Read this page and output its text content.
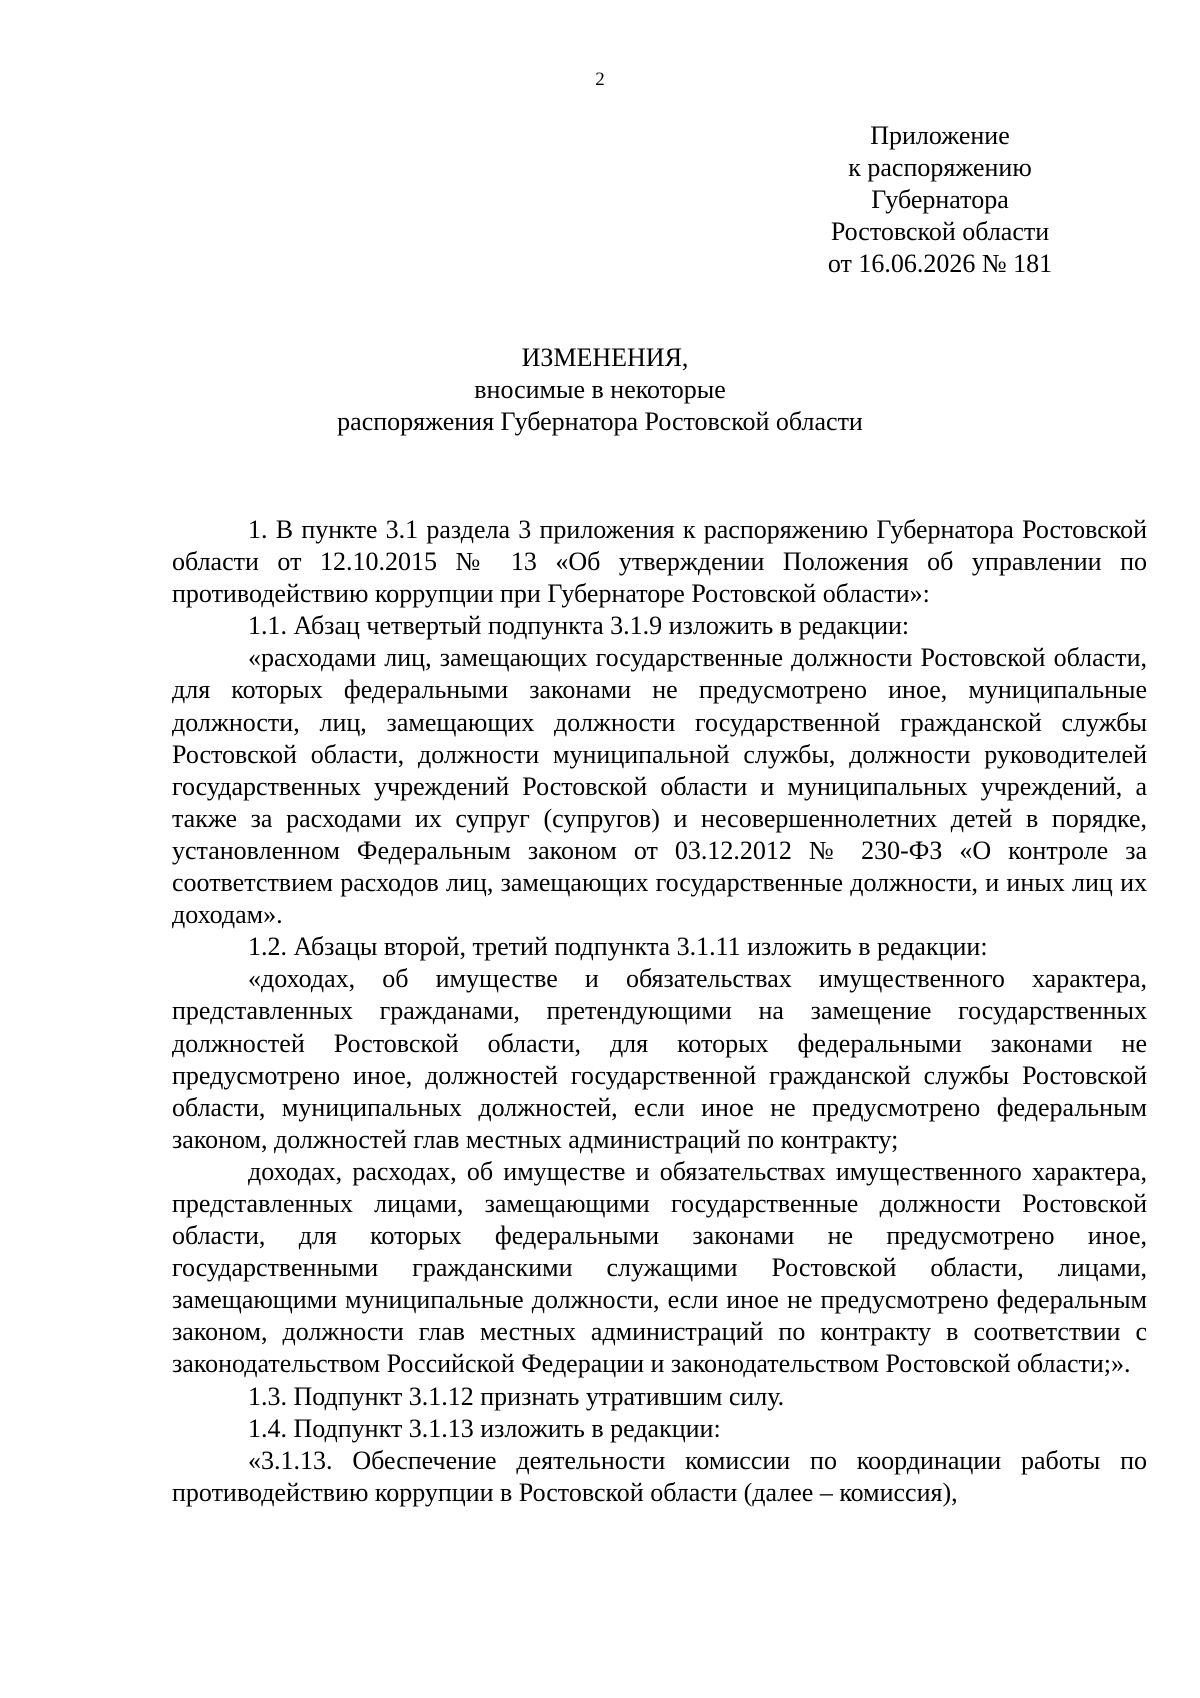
2
Приложение
к распоряжению
Губернатора
Ростовской области
от 16.06.2026 № 181
ИЗМЕНЕНИЯ,
вносимые в некоторые
распоряжения Губернатора Ростовской области

1. В пункте 3.1 раздела 3 приложения к распоряжению Губернатора Ростовской области от 12.10.2015 № 13 «Об утверждении Положения об управлении по противодействию коррупции при Губернаторе Ростовской области»:

1.1. Абзац четвертый подпункта 3.1.9 изложить в редакции:

«расходами лиц, замещающих государственные должности Ростовской области, для которых федеральными законами не предусмотрено иное, муниципальные должности, лиц, замещающих должности государственной гражданской службы Ростовской области, должности муниципальной службы, должности руководителей государственных учреждений Ростовской области и муниципальных учреждений, а также за расходами их супруг (супругов) и несовершеннолетних детей в порядке, установленном Федеральным законом от 03.12.2012 № 230-ФЗ «О контроле за соответствием расходов лиц, замещающих государственные должности, и иных лиц их доходам».

1.2. Абзацы второй, третий подпункта 3.1.11 изложить в редакции:

«доходах, об имуществе и обязательствах имущественного характера, представленных гражданами, претендующими на замещение государственных должностей Ростовской области, для которых федеральными законами не предусмотрено иное, должностей государственной гражданской службы Ростовской области, муниципальных должностей, если иное не предусмотрено федеральным законом, должностей глав местных администраций по контракту;

доходах, расходах, об имуществе и обязательствах имущественного характера, представленных лицами, замещающими государственные должности Ростовской области, для которых федеральными законами не предусмотрено иное, государственными гражданскими служащими Ростовской области, лицами, замещающими муниципальные должности, если иное не предусмотрено федеральным законом, должности глав местных администраций по контракту в соответствии с законодательством Российской Федерации и законодательством Ростовской области;».

1.3. Подпункт 3.1.12 признать утратившим силу.

1.4. Подпункт 3.1.13 изложить в редакции:

«3.1.13. Обеспечение деятельности комиссии по координации работы по противодействию коррупции в Ростовской области (далее – комиссия),
